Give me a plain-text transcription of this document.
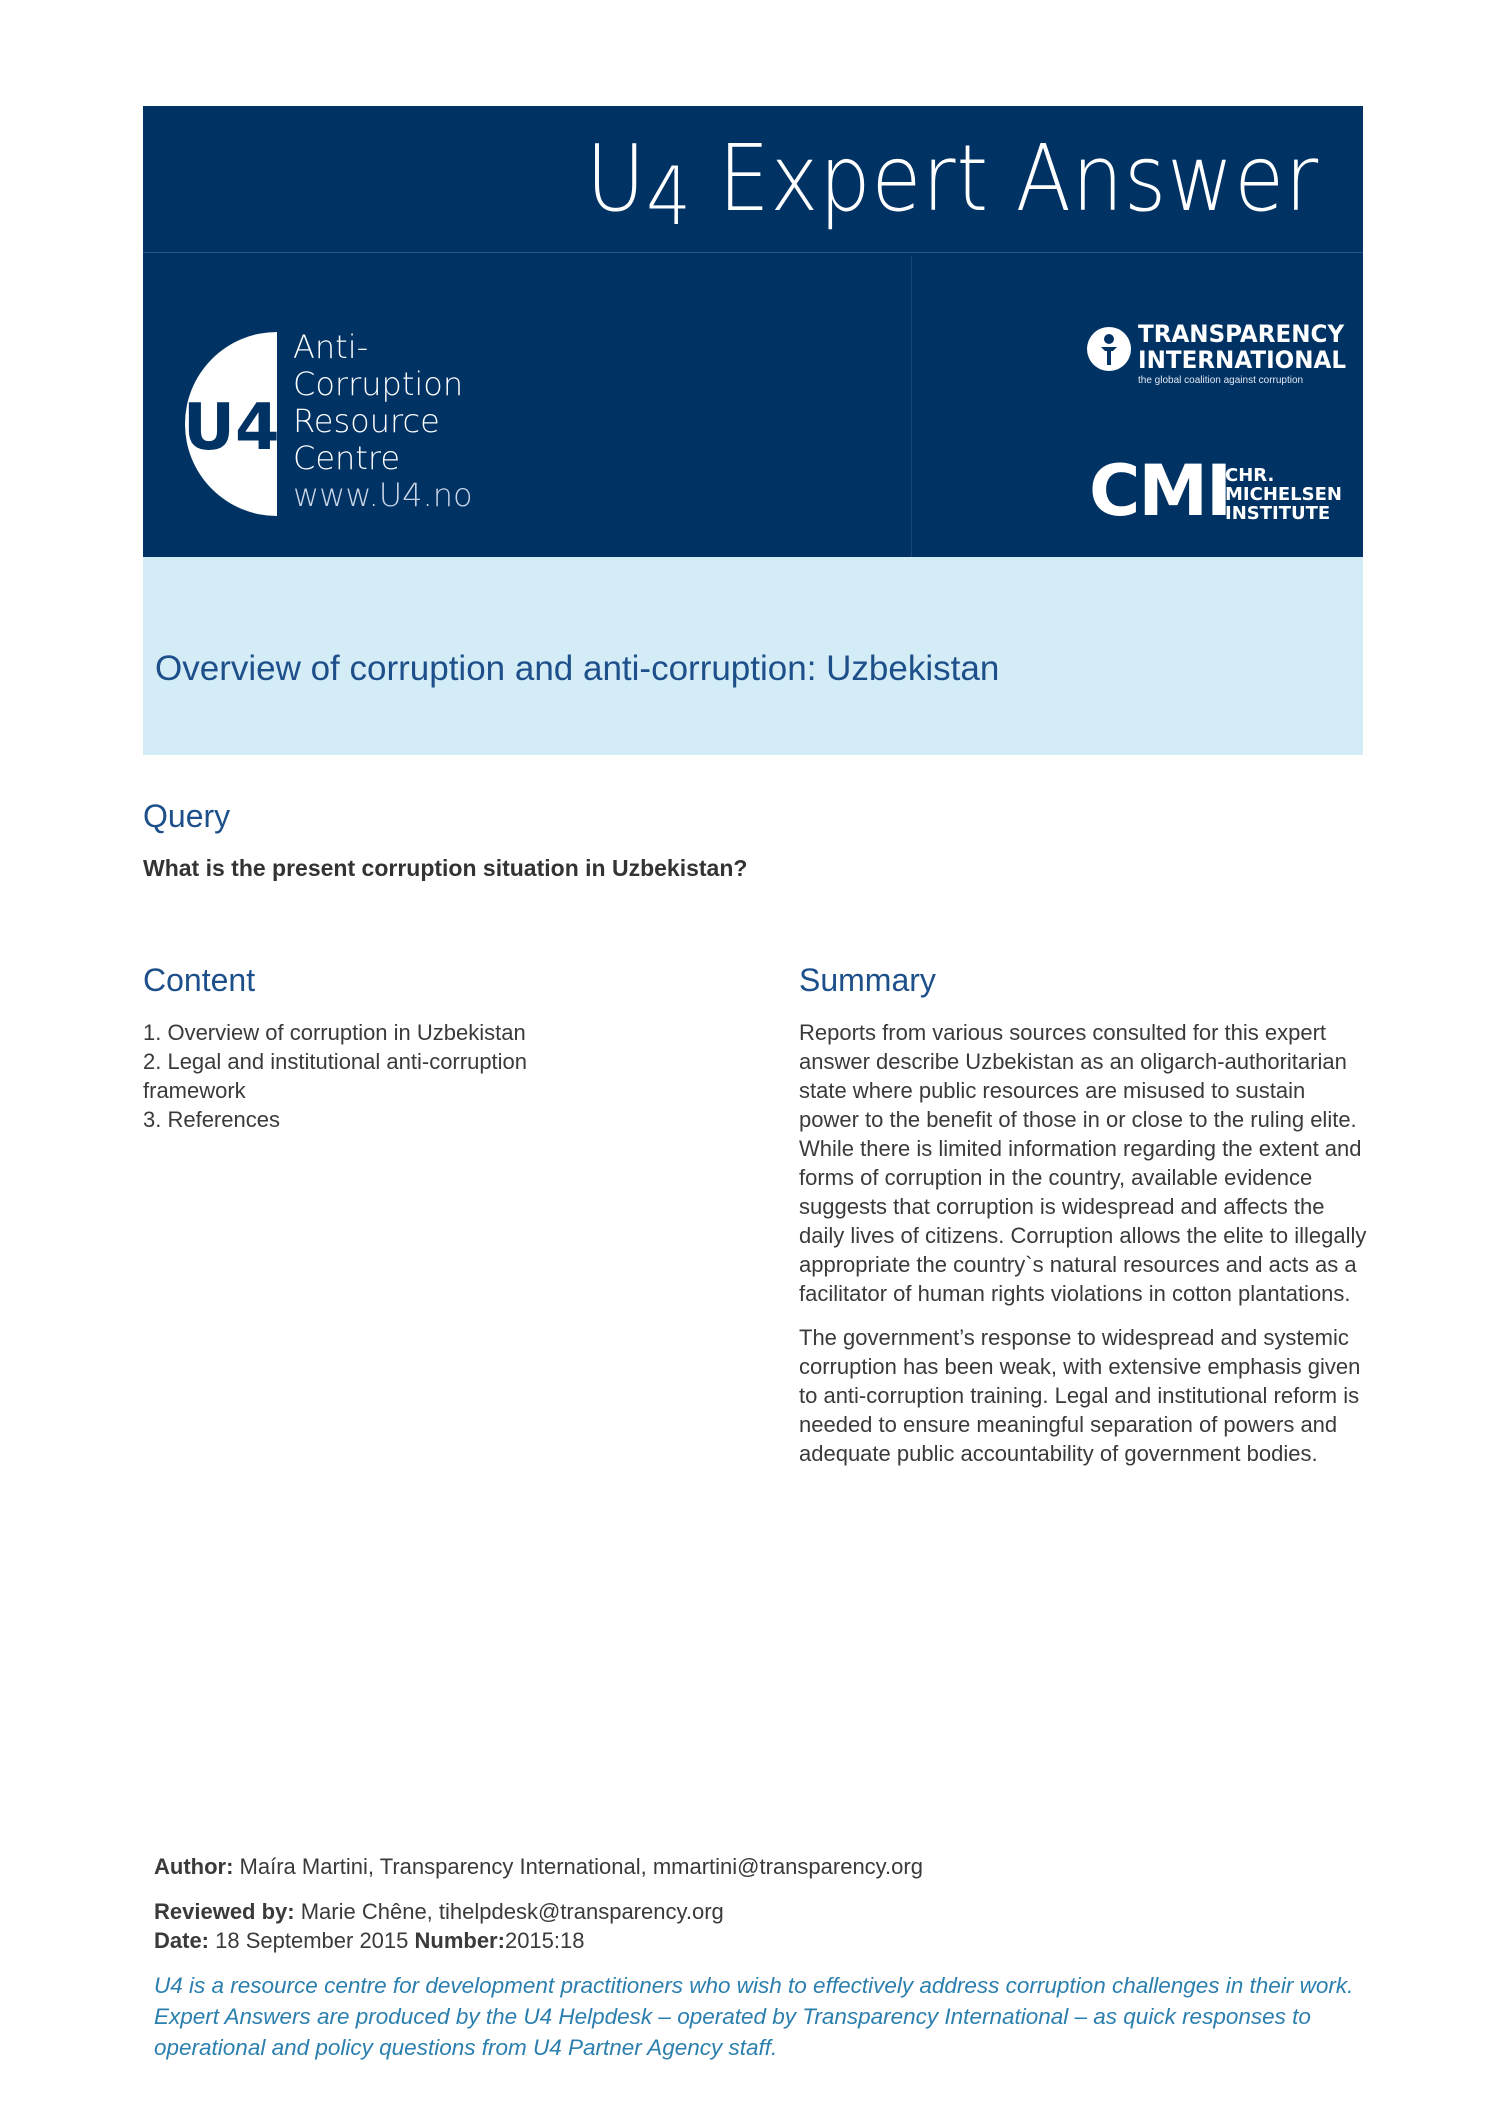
U4 Expert Answer
U4
Anti-
Corruption
Resource
Centre
www.U4.no
TRANSPARENCY
INTERNATIONAL
the global coalition against corruption
CMI
CHR.
MICHELSEN
INSTITUTE
Overview of corruption and anti-corruption: Uzbekistan
Query
What is the present corruption situation in Uzbekistan?
Content
1. Overview of corruption in Uzbekistan
2. Legal and institutional anti-corruption framework
3. References
Summary

Reports from various sources consulted for this expert answer describe Uzbekistan as an oligarch-authoritarian state where public resources are misused to sustain power to the benefit of those in or close to the ruling elite. While there is limited information regarding the extent and forms of corruption in the country, available evidence suggests that corruption is widespread and affects the daily lives of citizens. Corruption allows the elite to illegally appropriate the country`s natural resources and acts as a facilitator of human rights violations in cotton plantations.

The government’s response to widespread and systemic corruption has been weak, with extensive emphasis given to anti-corruption training. Legal and institutional reform is needed to ensure meaningful separation of powers and adequate public accountability of government bodies.

Author: Maíra Martini, Transparency International, mmartini@transparency.org
Reviewed by: Marie Chêne, tihelpdesk@transparency.org
Date: 18 September 2015 Number:2015:18
U4 is a resource centre for development practitioners who wish to effectively address corruption challenges in their work. Expert Answers are produced by the U4 Helpdesk – operated by Transparency International – as quick responses to operational and policy questions from U4 Partner Agency staff.
